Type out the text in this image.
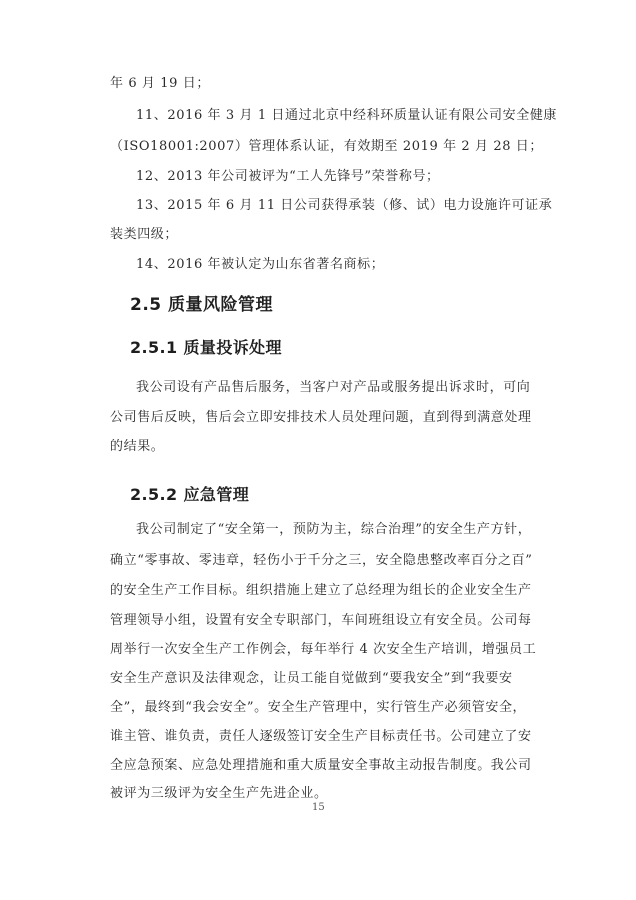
年 6 月 19 日；
11、2016 年 3 月 1 日通过北京中经科环质量认证有限公司安全健康
（ISO18001:2007）管理体系认证，有效期至 2019 年 2 月 28 日；
12、2013 年公司被评为“工人先锋号”荣誉称号；
13、2015 年 6 月 11 日公司获得承装（修、试）电力设施许可证承
装类四级；
14、2016 年被认定为山东省著名商标；
2.5 质量风险管理
2.5.1 质量投诉处理
我公司设有产品售后服务，当客户对产品或服务提出诉求时，可向
公司售后反映，售后会立即安排技术人员处理问题，直到得到满意处理
的结果。
2.5.2 应急管理
我公司制定了“安全第一，预防为主，综合治理”的安全生产方针，
确立“零事故、零违章，轻伤小于千分之三，安全隐患整改率百分之百”
的安全生产工作目标。组织措施上建立了总经理为组长的企业安全生产
管理领导小组，设置有安全专职部门，车间班组设立有安全员。公司每
周举行一次安全生产工作例会，每年举行 4 次安全生产培训，增强员工
安全生产意识及法律观念，让员工能自觉做到“要我安全”到“我要安
全”，最终到“我会安全”。安全生产管理中，实行管生产必须管安全，
谁主管、谁负责，责任人逐级签订安全生产目标责任书。公司建立了安
全应急预案、应急处理措施和重大质量安全事故主动报告制度。我公司
被评为三级评为安全生产先进企业。
15
